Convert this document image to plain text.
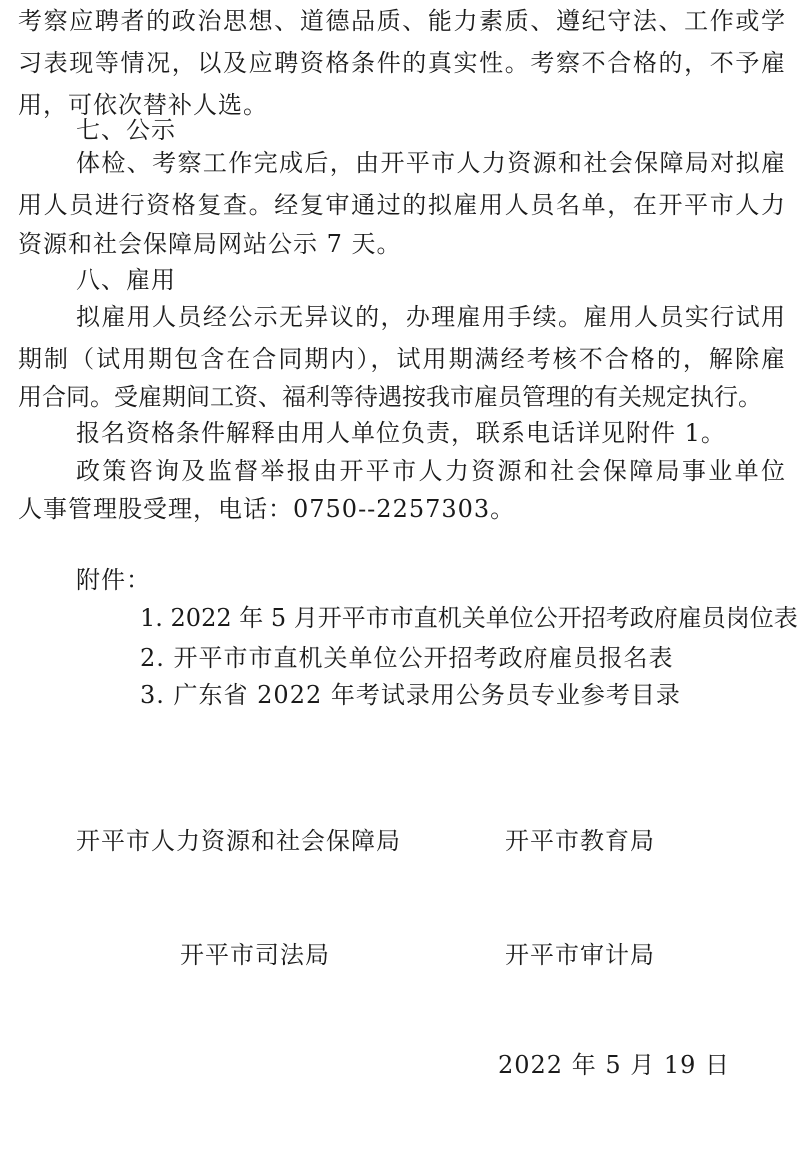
考察应聘者的政治思想、道德品质、能力素质、遵纪守法、工作或学
习表现等情况，以及应聘资格条件的真实性。考察不合格的，不予雇
用，可依次替补人选。
七、公示
体检、考察工作完成后，由开平市人力资源和社会保障局对拟雇
用人员进行资格复查。经复审通过的拟雇用人员名单，在开平市人力
资源和社会保障局网站公示 7 天。
八、雇用
拟雇用人员经公示无异议的，办理雇用手续。雇用人员实行试用
期制（试用期包含在合同期内），试用期满经考核不合格的，解除雇
用合同。受雇期间工资、福利等待遇按我市雇员管理的有关规定执行。
报名资格条件解释由用人单位负责，联系电话详见附件 1。
政策咨询及监督举报由开平市人力资源和社会保障局事业单位
人事管理股受理，电话：0750--2257303。
附件：
1. 2022 年 5 月开平市市直机关单位公开招考政府雇员岗位表
2. 开平市市直机关单位公开招考政府雇员报名表
3. 广东省 2022 年考试录用公务员专业参考目录
开平市人力资源和社会保障局	开平市教育局
开平市司法局	开平市审计局
2022 年 5 月 19 日
